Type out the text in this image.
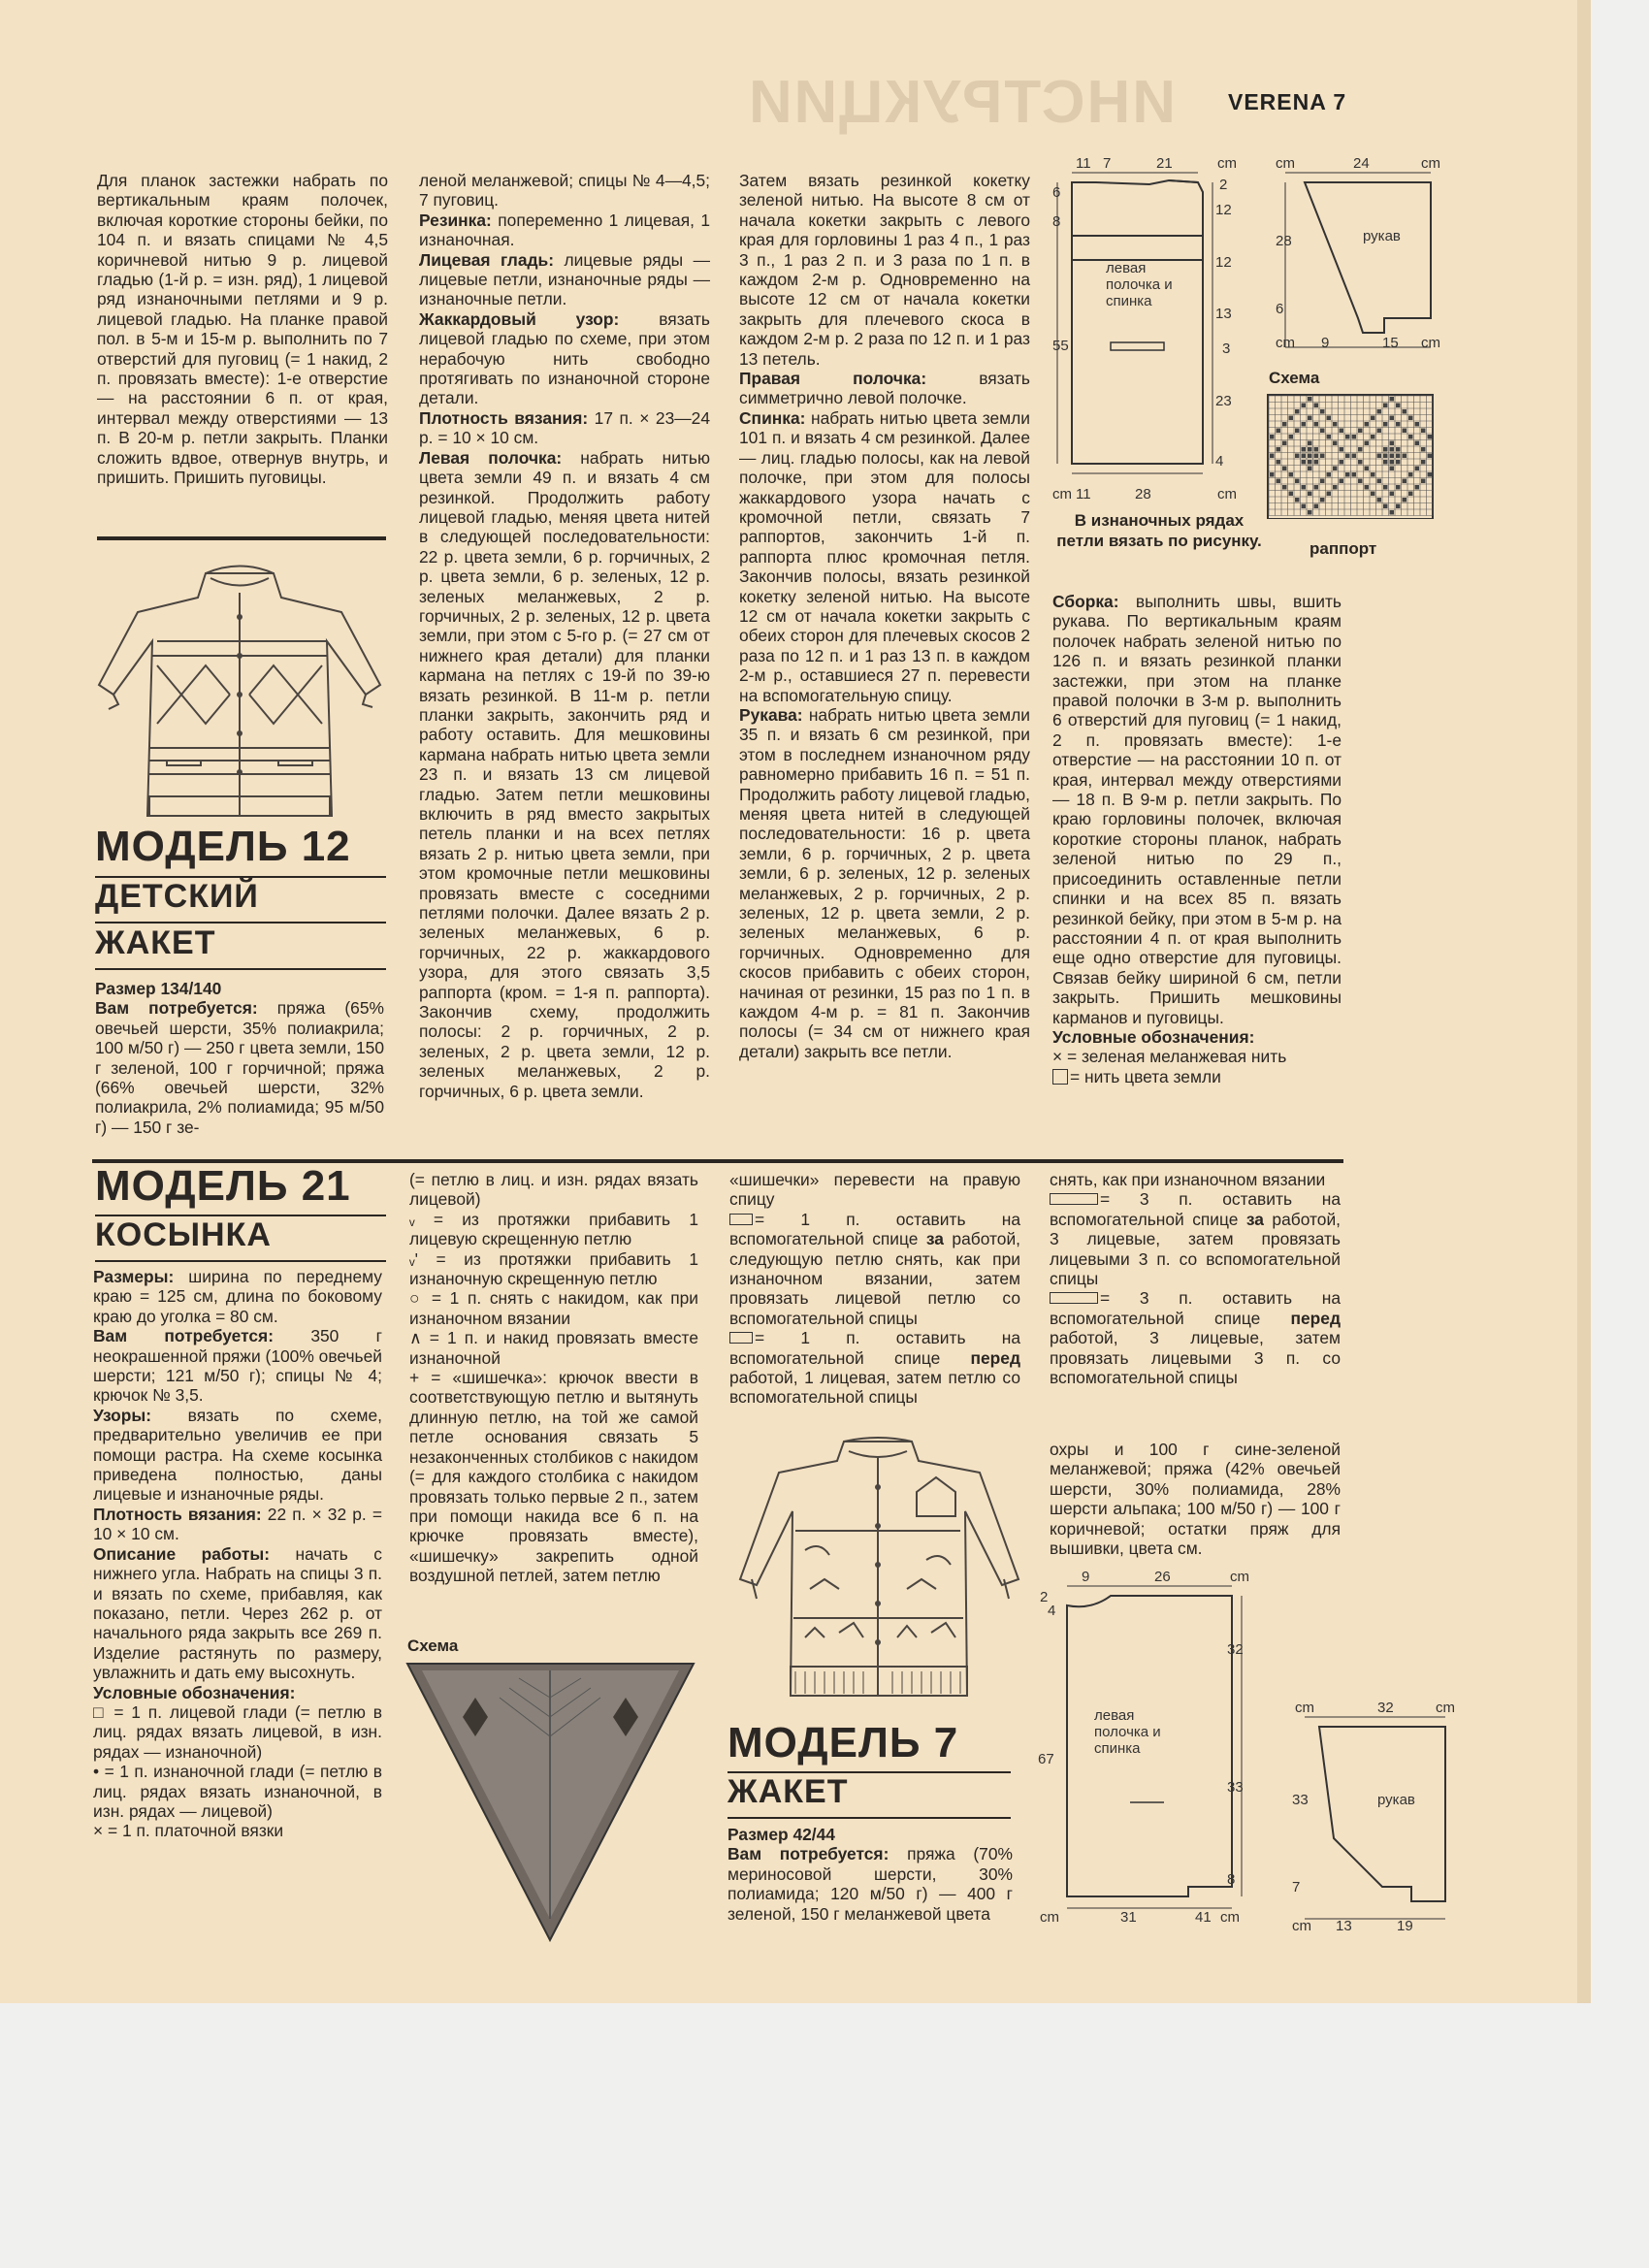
ИНСТРУКЦИИ VERENA 7

Для планок застежки набрать по вертикальным краям полочек, включая короткие стороны бейки, по 104 п. и вязать спицами № 4,5 коричневой нитью 9 р. лицевой гладью (1-й р. = изн. ряд), 1 лицевой ряд изнаночными петлями и 9 р. лицевой гладью. На планке правой пол. в 5-м и 15-м р. выполнить по 7 отверстий для пуговиц (= 1 накид, 2 п. провязать вместе): 1-е отверстие — на расстоянии 6 п. от края, интервал между отверстиями — 13 п. В 20-м р. петли закрыть. Планки сложить вдвое, отвернув внутрь, и пришить. Пришить пуговицы.

МОДЕЛЬ 12
ДЕТСКИЙ
ЖАКЕТ

Размер 134/140

Вам потребуется: пряжа (65% овечьей шерсти, 35% полиакрила; 100 м/50 г) — 250 г цвета земли, 150 г зеленой, 100 г горчичной; пряжа (66% овечьей шерсти, 32% полиакрила, 2% полиамида; 95 м/50 г) — 150 г зе-

леной меланжевой; спицы № 4—4,5; 7 пуговиц.

Резинка: попеременно 1 лицевая, 1 изнаночная.

Лицевая гладь: лицевые ряды — лицевые петли, изнаночные ряды — изнаночные петли.

Жаккардовый узор: вязать лицевой гладью по схеме, при этом нерабочую нить свободно протягивать по изнаночной стороне детали.

Плотность вязания: 17 п. × 23—24 р. = 10 × 10 см.

Левая полочка: набрать нитью цвета земли 49 п. и вязать 4 см резинкой. Продолжить работу лицевой гладью, меняя цвета нитей в следующей последовательности: 22 р. цвета земли, 6 р. горчичных, 2 р. цвета земли, 6 р. зеленых, 12 р. зеленых меланжевых, 2 р. горчичных, 2 р. зеленых, 12 р. цвета земли, при этом с 5-го р. (= 27 см от нижнего края детали) для планки кармана на петлях с 19-й по 39-ю вязать резинкой. В 11-м р. петли планки закрыть, закончить ряд и работу оставить. Для мешковины кармана набрать нитью цвета земли 23 п. и вязать 13 см лицевой гладью. Затем петли мешковины включить в ряд вместо закрытых петель планки и на всех петлях вязать 2 р. нитью цвета земли, при этом кромочные петли мешковины провязать вместе с соседними петлями полочки. Далее вязать 2 р. зеленых меланжевых, 6 р. горчичных, 22 р. жаккардового узора, для этого связать 3,5 раппорта (кром. = 1-я п. раппорта). Закончив схему, продолжить полосы: 2 р. горчичных, 2 р. зеленых, 2 р. цвета земли, 12 р. зеленых меланжевых, 2 р. горчичных, 6 р. цвета земли.

Затем вязать резинкой кокетку зеленой нитью. На высоте 8 см от начала кокетки закрыть с левого края для горловины 1 раз 4 п., 1 раз 3 п., 1 раз 2 п. и 3 раза по 1 п. в каждом 2-м р. Одновременно на высоте 12 см от начала кокетки закрыть для плечевого скоса в каждом 2-м р. 2 раза по 12 п. и 1 раз 13 петель.

Правая полочка: вязать симметрично левой полочке.

Спинка: набрать нитью цвета земли 101 п. и вязать 4 см резинкой. Далее — лиц. гладью полосы, как на левой полочке, при этом для полосы жаккардового узора начать с кромочной петли, связать 7 раппортов, закончить 1-й п. раппорта плюс кромочная петля. Закончив полосы, вязать резинкой кокетку зеленой нитью. На высоте 12 см от начала кокетки закрыть с обеих сторон для плечевых скосов 2 раза по 12 п. и 1 раз 13 п. в каждом 2-м р., оставшиеся 27 п. перевести на вспомогательную спицу.

Рукава: набрать нитью цвета земли 35 п. и вязать 6 см резинкой, при этом в последнем изнаночном ряду равномерно прибавить 16 п. = 51 п. Продолжить работу лицевой гладью, меняя цвета нитей в следующей последовательности: 16 р. цвета земли, 6 р. горчичных, 2 р. цвета земли, 6 р. зеленых, 12 р. зеленых меланжевых, 2 р. горчичных, 2 р. зеленых, 12 р. цвета земли, 2 р. зеленых меланжевых, 6 р. горчичных. Одновременно для скосов прибавить с обеих сторон, начиная от резинки, 15 раз по 1 п. в каждом 4-м р. = 81 п. Закончив полосы (= 34 см от нижнего края детали) закрыть все петли.

6
8
55
11 7	21	cm
2
12
12
13
3
23
4
cm 11	28	cm
левая полочка и спинка
cm	24	cm
28
6
cm 9	15 cm
рукав
Схема
В изнаночных рядах петли вязать по рисунку.	раппорт

Сборка: выполнить швы, вшить рукава. По вертикальным краям полочек набрать зеленой нитью по 126 п. и вязать резинкой планки застежки, при этом на планке правой полочки в 3-м р. выполнить 6 отверстий для пуговиц (= 1 накид, 2 п. провязать вместе): 1-е отверстие — на расстоянии 10 п. от края, интервал между отверстиями — 18 п. В 9-м р. петли закрыть. По краю горловины полочек, включая короткие стороны планок, набрать зеленой нитью по 29 п., присоединить оставленные петли спинки и на всех 85 п. вязать резинкой бейку, при этом в 5-м р. на расстоянии 4 п. от края выполнить еще одно отверстие для пуговицы. Связав бейку шириной 6 см, петли закрыть. Пришить мешковины карманов и пуговицы.

Условные обозначения:

× = зеленая меланжевая нить

= нить цвета земли

МОДЕЛЬ 21
КОСЫНКА

Размеры: ширина по переднему краю = 125 см, длина по боковому краю до уголка = 80 см.

Вам потребуется: 350 г неокрашенной пряжи (100% овечьей шерсти; 121 м/50 г); спицы № 4; крючок № 3,5.

Узоры: вязать по схеме, предварительно увеличив ее при помощи растра. На схеме косынка приведена полностью, даны лицевые и изнаночные ряды.

Плотность вязания: 22 п. × 32 р. = 10 × 10 см.

Описание работы: начать с нижнего угла. Набрать на спицы 3 п. и вязать по схеме, прибавляя, как показано, петли. Через 262 р. от начального ряда закрыть все 269 п. Изделие растянуть по размеру, увлажнить и дать ему высохнуть.

Условные обозначения:

□ = 1 п. лицевой глади (= петлю в лиц. рядах вязать лицевой, в изн. рядах — изнаночной)

• = 1 п. изнаночной глади (= петлю в лиц. рядах вязать изнаночной, в изн. рядах — лицевой)

× = 1 п. платочной вязки

(= петлю в лиц. и изн. рядах вязать лицевой)

ᵥ = из протяжки прибавить 1 лицевую скрещенную петлю

ᵥ' = из протяжки прибавить 1 изнаночную скрещенную петлю

○ = 1 п. снять с накидом, как при изнаночном вязании

∧ = 1 п. и накид провязать вместе изнаночной

+ = «шишечка»: крючок ввести в соответствующую петлю и вытянуть длинную петлю, на той же самой петле основания связать 5 незаконченных столбиков с накидом (= для каждого столбика с накидом провязать только первые 2 п., затем при помощи накида все 6 п. на крючке провязать вместе), «шишечку» закрепить одной воздушной петлей, затем петлю

Схема

«шишечки» перевести на правую спицу

= 1 п. оставить на вспомогательной спице за работой, следующую петлю снять, как при изнаночном вязании, затем провязать лицевой петлю со вспомогательной спицы

= 1 п. оставить на вспомогательной спице перед работой, 1 лицевая, затем петлю со вспомогательной спицы

снять, как при изнаночном вязании

= 3 п. оставить на вспомогательной спице за работой, 3 лицевые, затем провязать лицевыми 3 п. со вспомогательной спицы

= 3 п. оставить на вспомогательной спице перед работой, 3 лицевые, затем провязать лицевыми 3 п. со вспомогательной спицы

охры и 100 г сине-зеленой меланжевой; пряжа (42% овечьей шерсти, 30% полиамида, 28% шерсти альпака; 100 м/50 г) — 100 г коричневой; остатки пряж для вышивки, цвета см.

МОДЕЛЬ 7
ЖАКЕТ

Размер 42/44

Вам потребуется: пряжа (70% мериносовой шерсти, 30% полиамида; 120 м/50 г) — 400 г зеленой, 150 г меланжевой цвета

9	26	cm
2
4
67
32
33
8
cm	31	41 cm
левая полочка и спинка
cm	32	cm
33
7
cm 13	19
рукав
